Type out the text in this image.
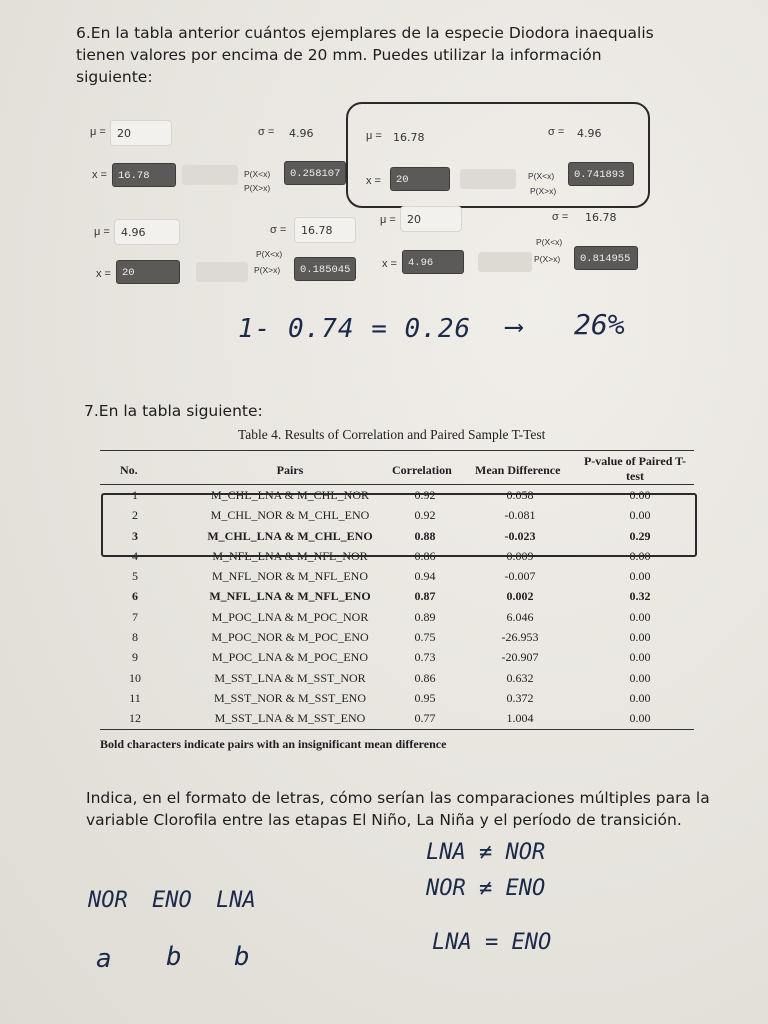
6.En la tabla anterior cuántos ejemplares de la especie Diodora inaequalis tienen valores por encima de 20 mm. Puedes utilizar la información siguiente:
μ =	20	σ =	4.96
x =	16.78	P(X<x)	0.258107
P(X>x)
μ =	16.78	σ =	4.96
x =	20	P(X<x)	0.741893
P(X>x)
μ =	4.96	σ =	16.78
P(X<x)
x =	20	P(X>x)	0.185045
μ =	20	σ =	16.78
P(X<x)
x =	4.96	P(X>x)	0.814955
1- 0.74 = 0.26 ⟶ 26%
7.En la tabla siguiente:
Table 4. Results of Correlation and Paired Sample T-Test
No.	Pairs	Correlation Mean Difference
P-value of Paired T-test
1	M_CHL_LNA & M_CHL_NOR	0.92	0.058	0.00
2	M_CHL_NOR & M_CHL_ENO	0.92	-0.081	0.00
3	M_CHL_LNA & M_CHL_ENO	0.88	-0.023	0.29
4	M_NFL_LNA & M_NFL_NOR	0.86	0.009	0.00
5	M_NFL_NOR & M_NFL_ENO	0.94	-0.007	0.00
6	M_NFL_LNA & M_NFL_ENO	0.87	0.002	0.32
7	M_POC_LNA & M_POC_NOR	0.89	6.046	0.00
8	M_POC_NOR & M_POC_ENO	0.75	-26.953	0.00
9	M_POC_LNA & M_POC_ENO	0.73	-20.907	0.00
10	M_SST_LNA & M_SST_NOR	0.86	0.632	0.00
11	M_SST_NOR & M_SST_ENO	0.95	0.372	0.00
12	M_SST_LNA & M_SST_ENO	0.77	1.004	0.00
Bold characters indicate pairs with an insignificant mean difference
Indica, en el formato de letras, cómo serían las comparaciones múltiples para la variable Clorofila entre las etapas El Niño, La Niña y el período de transición.
LNA ≠ NOR
NOR ≠ ENO
LNA = ENO
NOR ENO LNA
a b b
